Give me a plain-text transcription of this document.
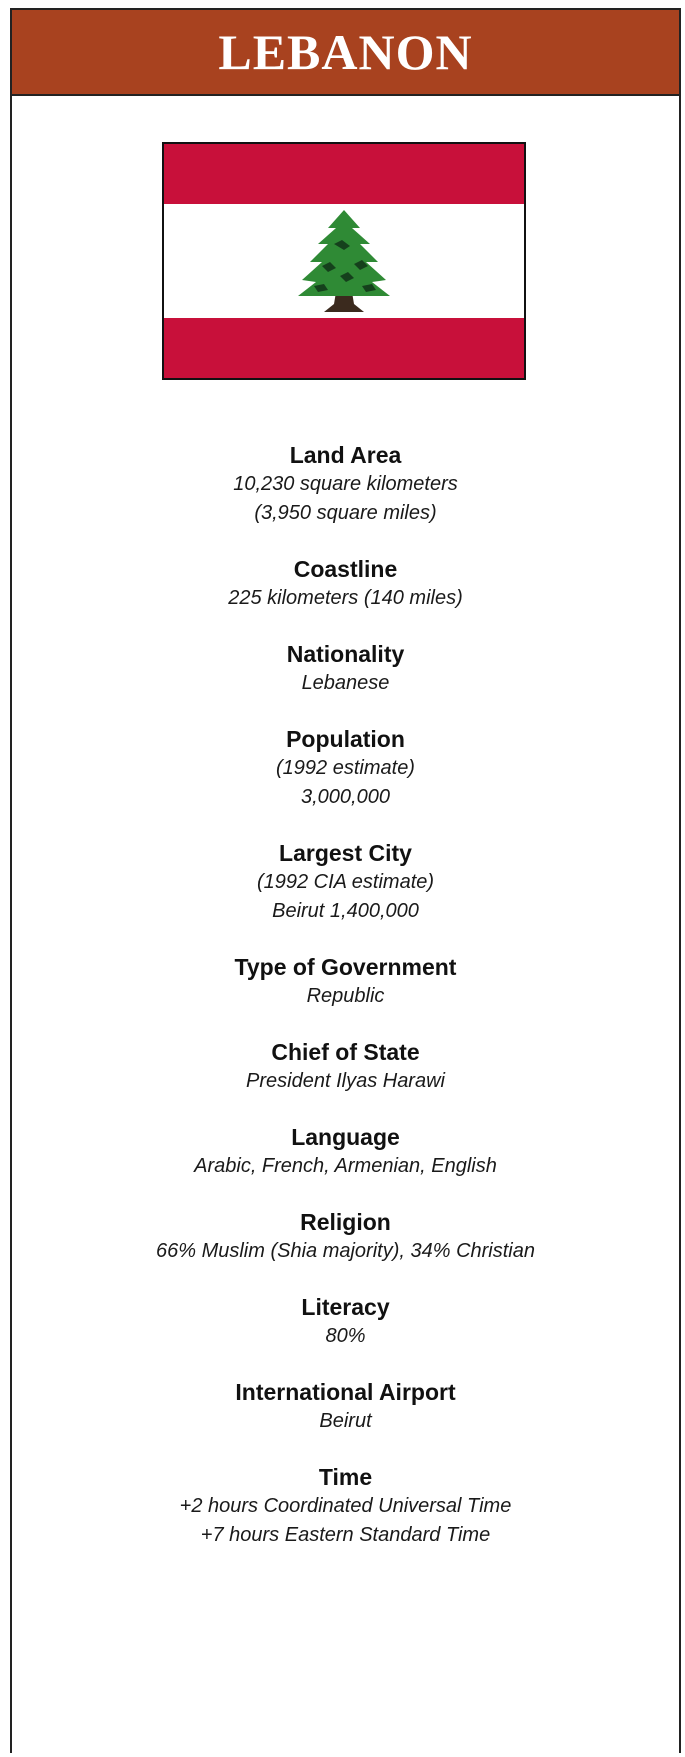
LEBANON
Land Area
10,230 square kilometers
(3,950 square miles)
Coastline
225 kilometers (140 miles)
Nationality
Lebanese
Population
(1992 estimate)
3,000,000
Largest City
(1992 CIA estimate)
Beirut 1,400,000
Type of Government
Republic
Chief of State
President Ilyas Harawi
Language
Arabic, French, Armenian, English
Religion
66% Muslim (Shia majority), 34% Christian
Literacy
80%
International Airport
Beirut
Time
+2 hours Coordinated Universal Time
+7 hours Eastern Standard Time
